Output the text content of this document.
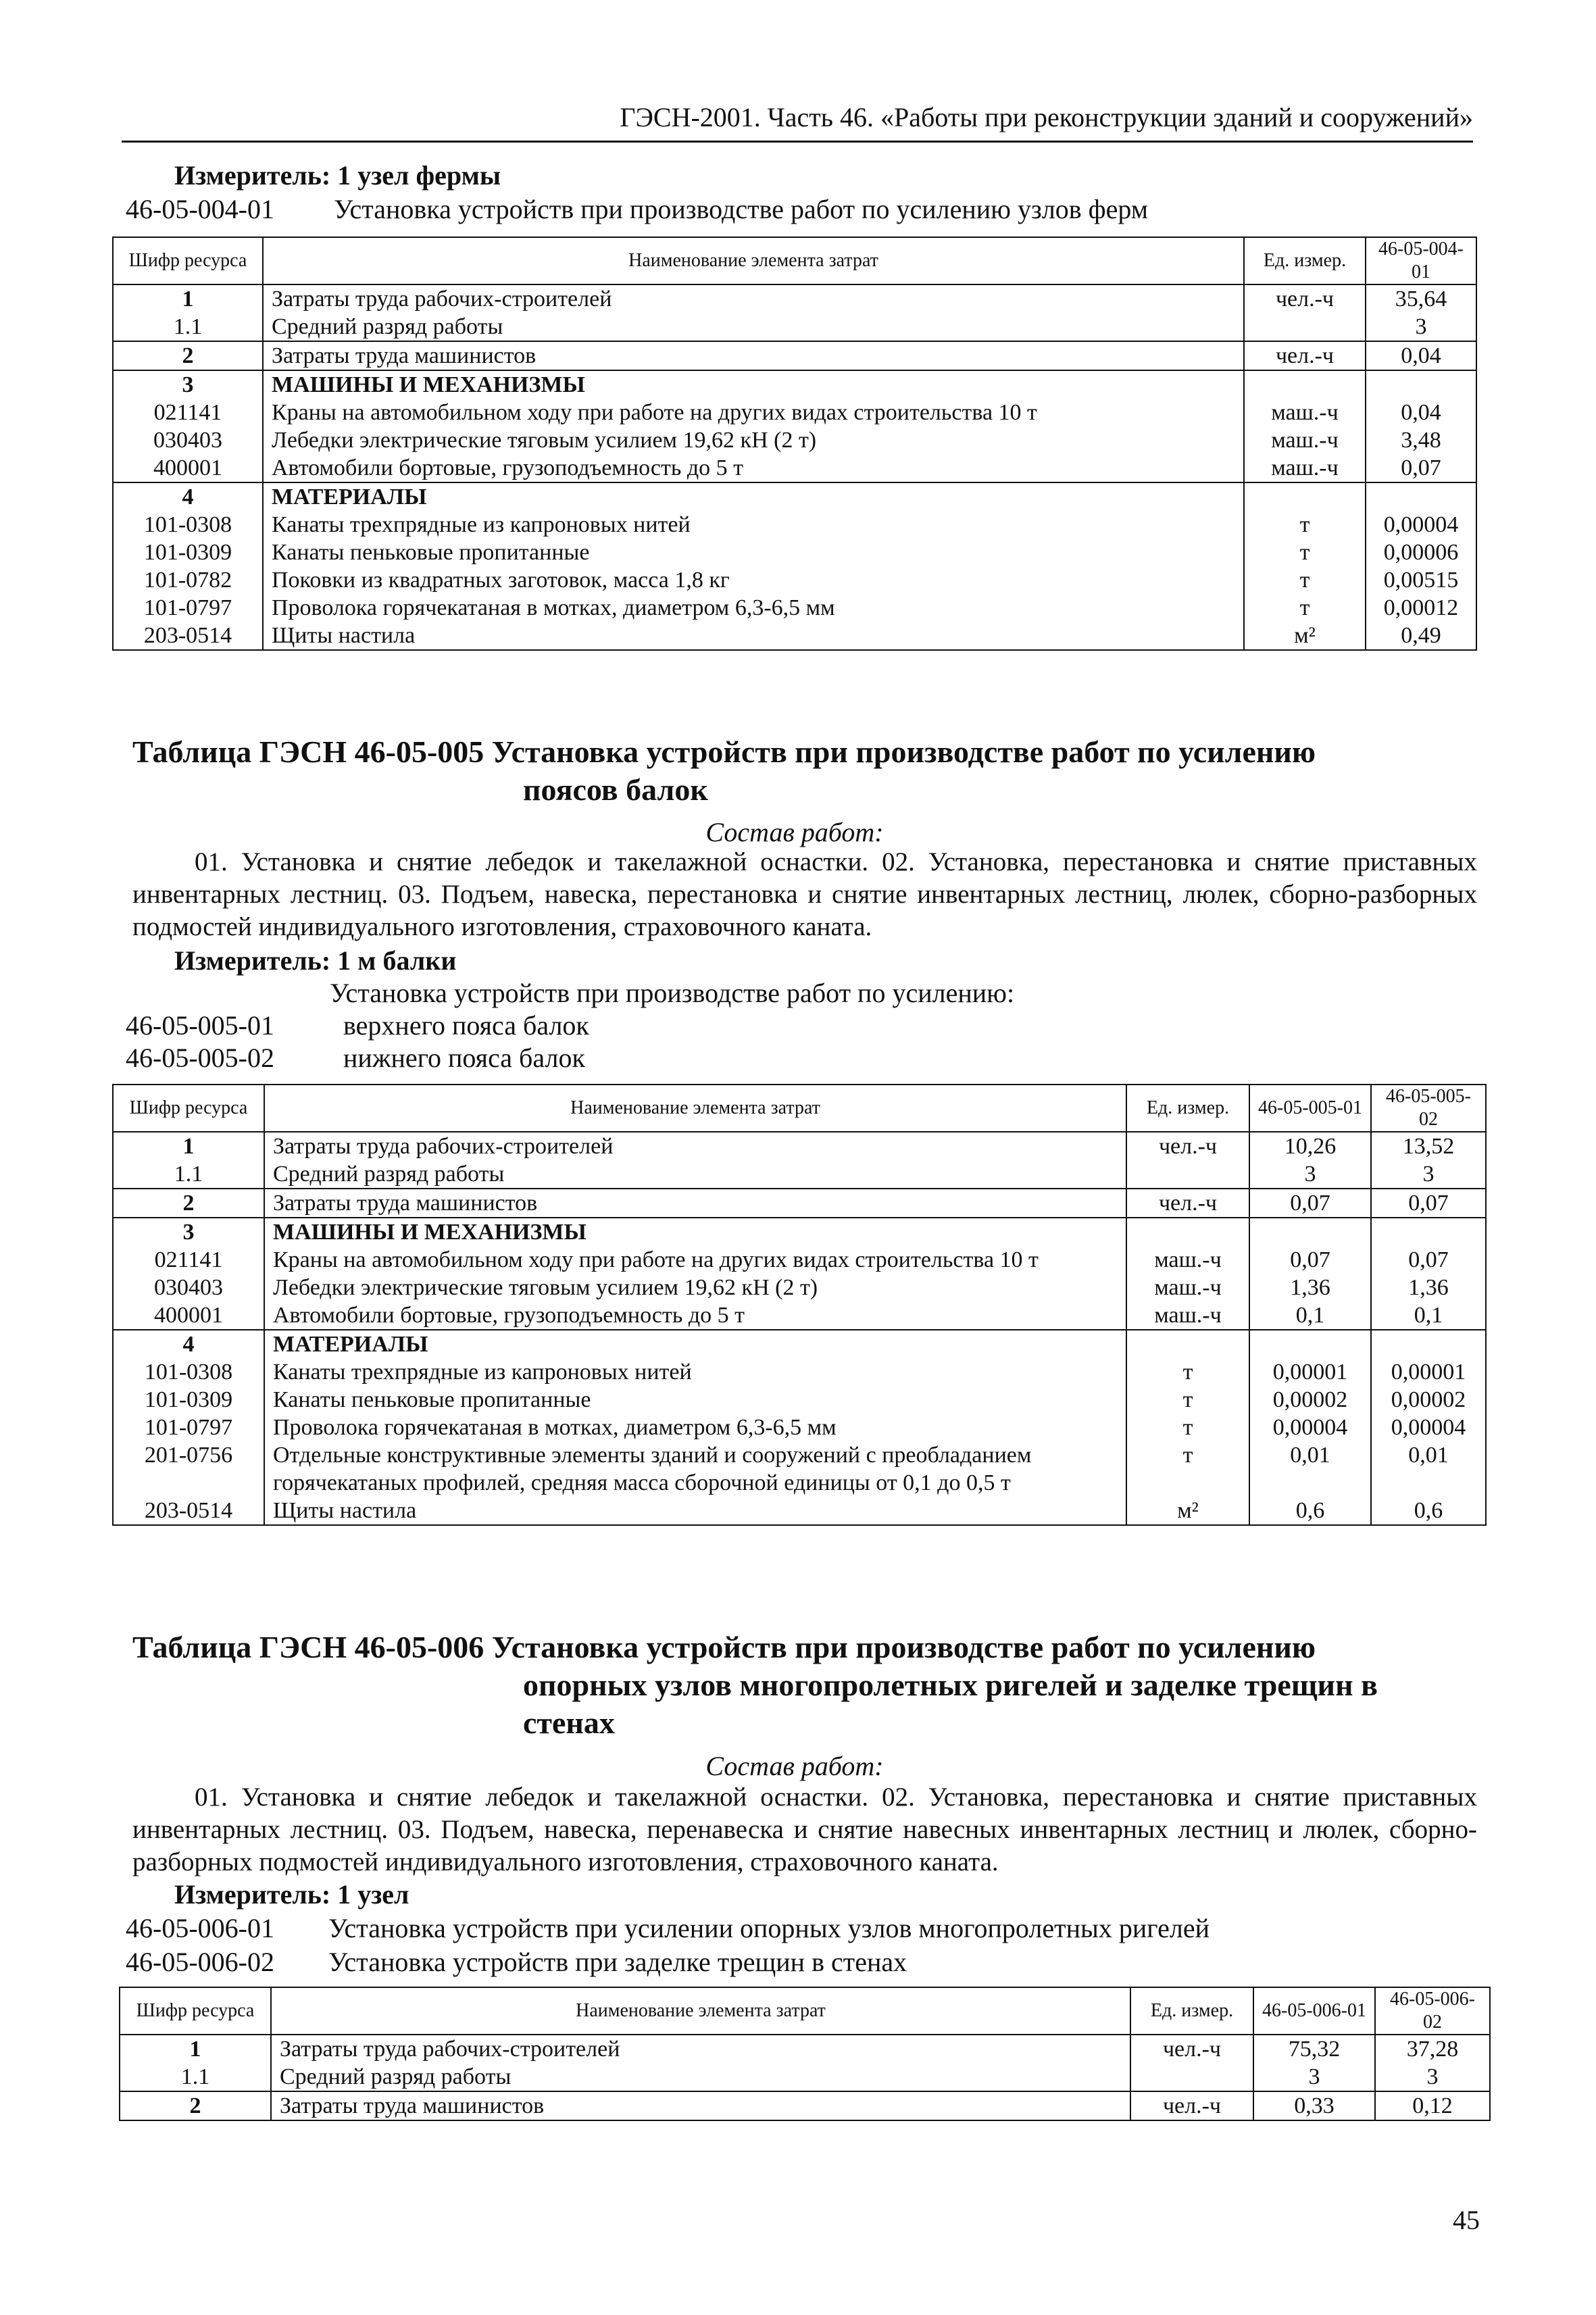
ГЭСН-2001. Часть 46. «Работы при реконструкции зданий и сооружений»
Измеритель: 1 узел фермы
46-05-004-01 Установка устройств при производстве работ по усилению узлов ферм
Шифр ресурса	Наименование элемента затрат	Ед. измер.	46-05-004-01
1	Затраты труда рабочих-строителей	чел.-ч	35,64
1.1	Средний разряд работы		3
2	Затраты труда машинистов	чел.-ч	0,04
3	МАШИНЫ И МЕХАНИЗМЫ		
021141	Краны на автомобильном ходу при работе на других видах строительства 10 т	маш.-ч	0,04
030403	Лебедки электрические тяговым усилием 19,62 кН (2 т)	маш.-ч	3,48
400001	Автомобили бортовые, грузоподъемность до 5 т	маш.-ч	0,07
4	МАТЕРИАЛЫ		
101-0308	Канаты трехпрядные из капроновых нитей	т	0,00004
101-0309	Канаты пеньковые пропитанные	т	0,00006
101-0782	Поковки из квадратных заготовок, масса 1,8 кг	т	0,00515
101-0797	Проволока горячекатаная в мотках, диаметром 6,3-6,5 мм	т	0,00012
203-0514	Щиты настила	м²	0,49
Таблица ГЭСН 46-05-005 Установка устройств при производстве работ по усилению
поясов балок
Состав работ:
01. Установка и снятие лебедок и такелажной оснастки. 02. Установка, перестановка и снятие приставных инвентарных лестниц. 03. Подъем, навеска, перестановка и снятие инвентарных лестниц, люлек, сборно-разборных подмостей индивидуального изготовления, страховочного каната.
Измеритель: 1 м балки
Установка устройств при производстве работ по усилению:
46-05-005-01	верхнего пояса балок
46-05-005-02	нижнего пояса балок
Шифр ресурса	Наименование элемента затрат	Ед. измер.	46-05-005-01	46-05-005-02
1	Затраты труда рабочих-строителей	чел.-ч	10,26	13,52
1.1	Средний разряд работы		3	3
2	Затраты труда машинистов	чел.-ч	0,07	0,07
3	МАШИНЫ И МЕХАНИЗМЫ			
021141	Краны на автомобильном ходу при работе на других видах строительства 10 т	маш.-ч	0,07	0,07
030403	Лебедки электрические тяговым усилием 19,62 кН (2 т)	маш.-ч	1,36	1,36
400001	Автомобили бортовые, грузоподъемность до 5 т	маш.-ч	0,1	0,1
4	МАТЕРИАЛЫ			
101-0308	Канаты трехпрядные из капроновых нитей	т	0,00001	0,00001
101-0309	Канаты пеньковые пропитанные	т	0,00002	0,00002
101-0797	Проволока горячекатаная в мотках, диаметром 6,3-6,5 мм	т	0,00004	0,00004
201-0756	Отдельные конструктивные элементы зданий и сооружений с преобладанием горячекатаных профилей, средняя масса сборочной единицы от 0,1 до 0,5 т	т	0,01	0,01
203-0514	Щиты настила	м²	0,6	0,6
Таблица ГЭСН 46-05-006 Установка устройств при производстве работ по усилению
опорных узлов многопролетных ригелей и заделке трещин в
стенах
Состав работ:
01. Установка и снятие лебедок и такелажной оснастки. 02. Установка, перестановка и снятие приставных инвентарных лестниц. 03. Подъем, навеска, перенавеска и снятие навесных инвентарных лестниц и люлек, сборно-разборных подмостей индивидуального изготовления, страховочного каната.
Измеритель: 1 узел
46-05-006-01 Установка устройств при усилении опорных узлов многопролетных ригелей
46-05-006-02 Установка устройств при заделке трещин в стенах
Шифр ресурса	Наименование элемента затрат	Ед. измер.	46-05-006-01	46-05-006-02
1	Затраты труда рабочих-строителей	чел.-ч	75,32	37,28
1.1	Средний разряд работы		3	3
2	Затраты труда машинистов	чел.-ч	0,33	0,12
45
